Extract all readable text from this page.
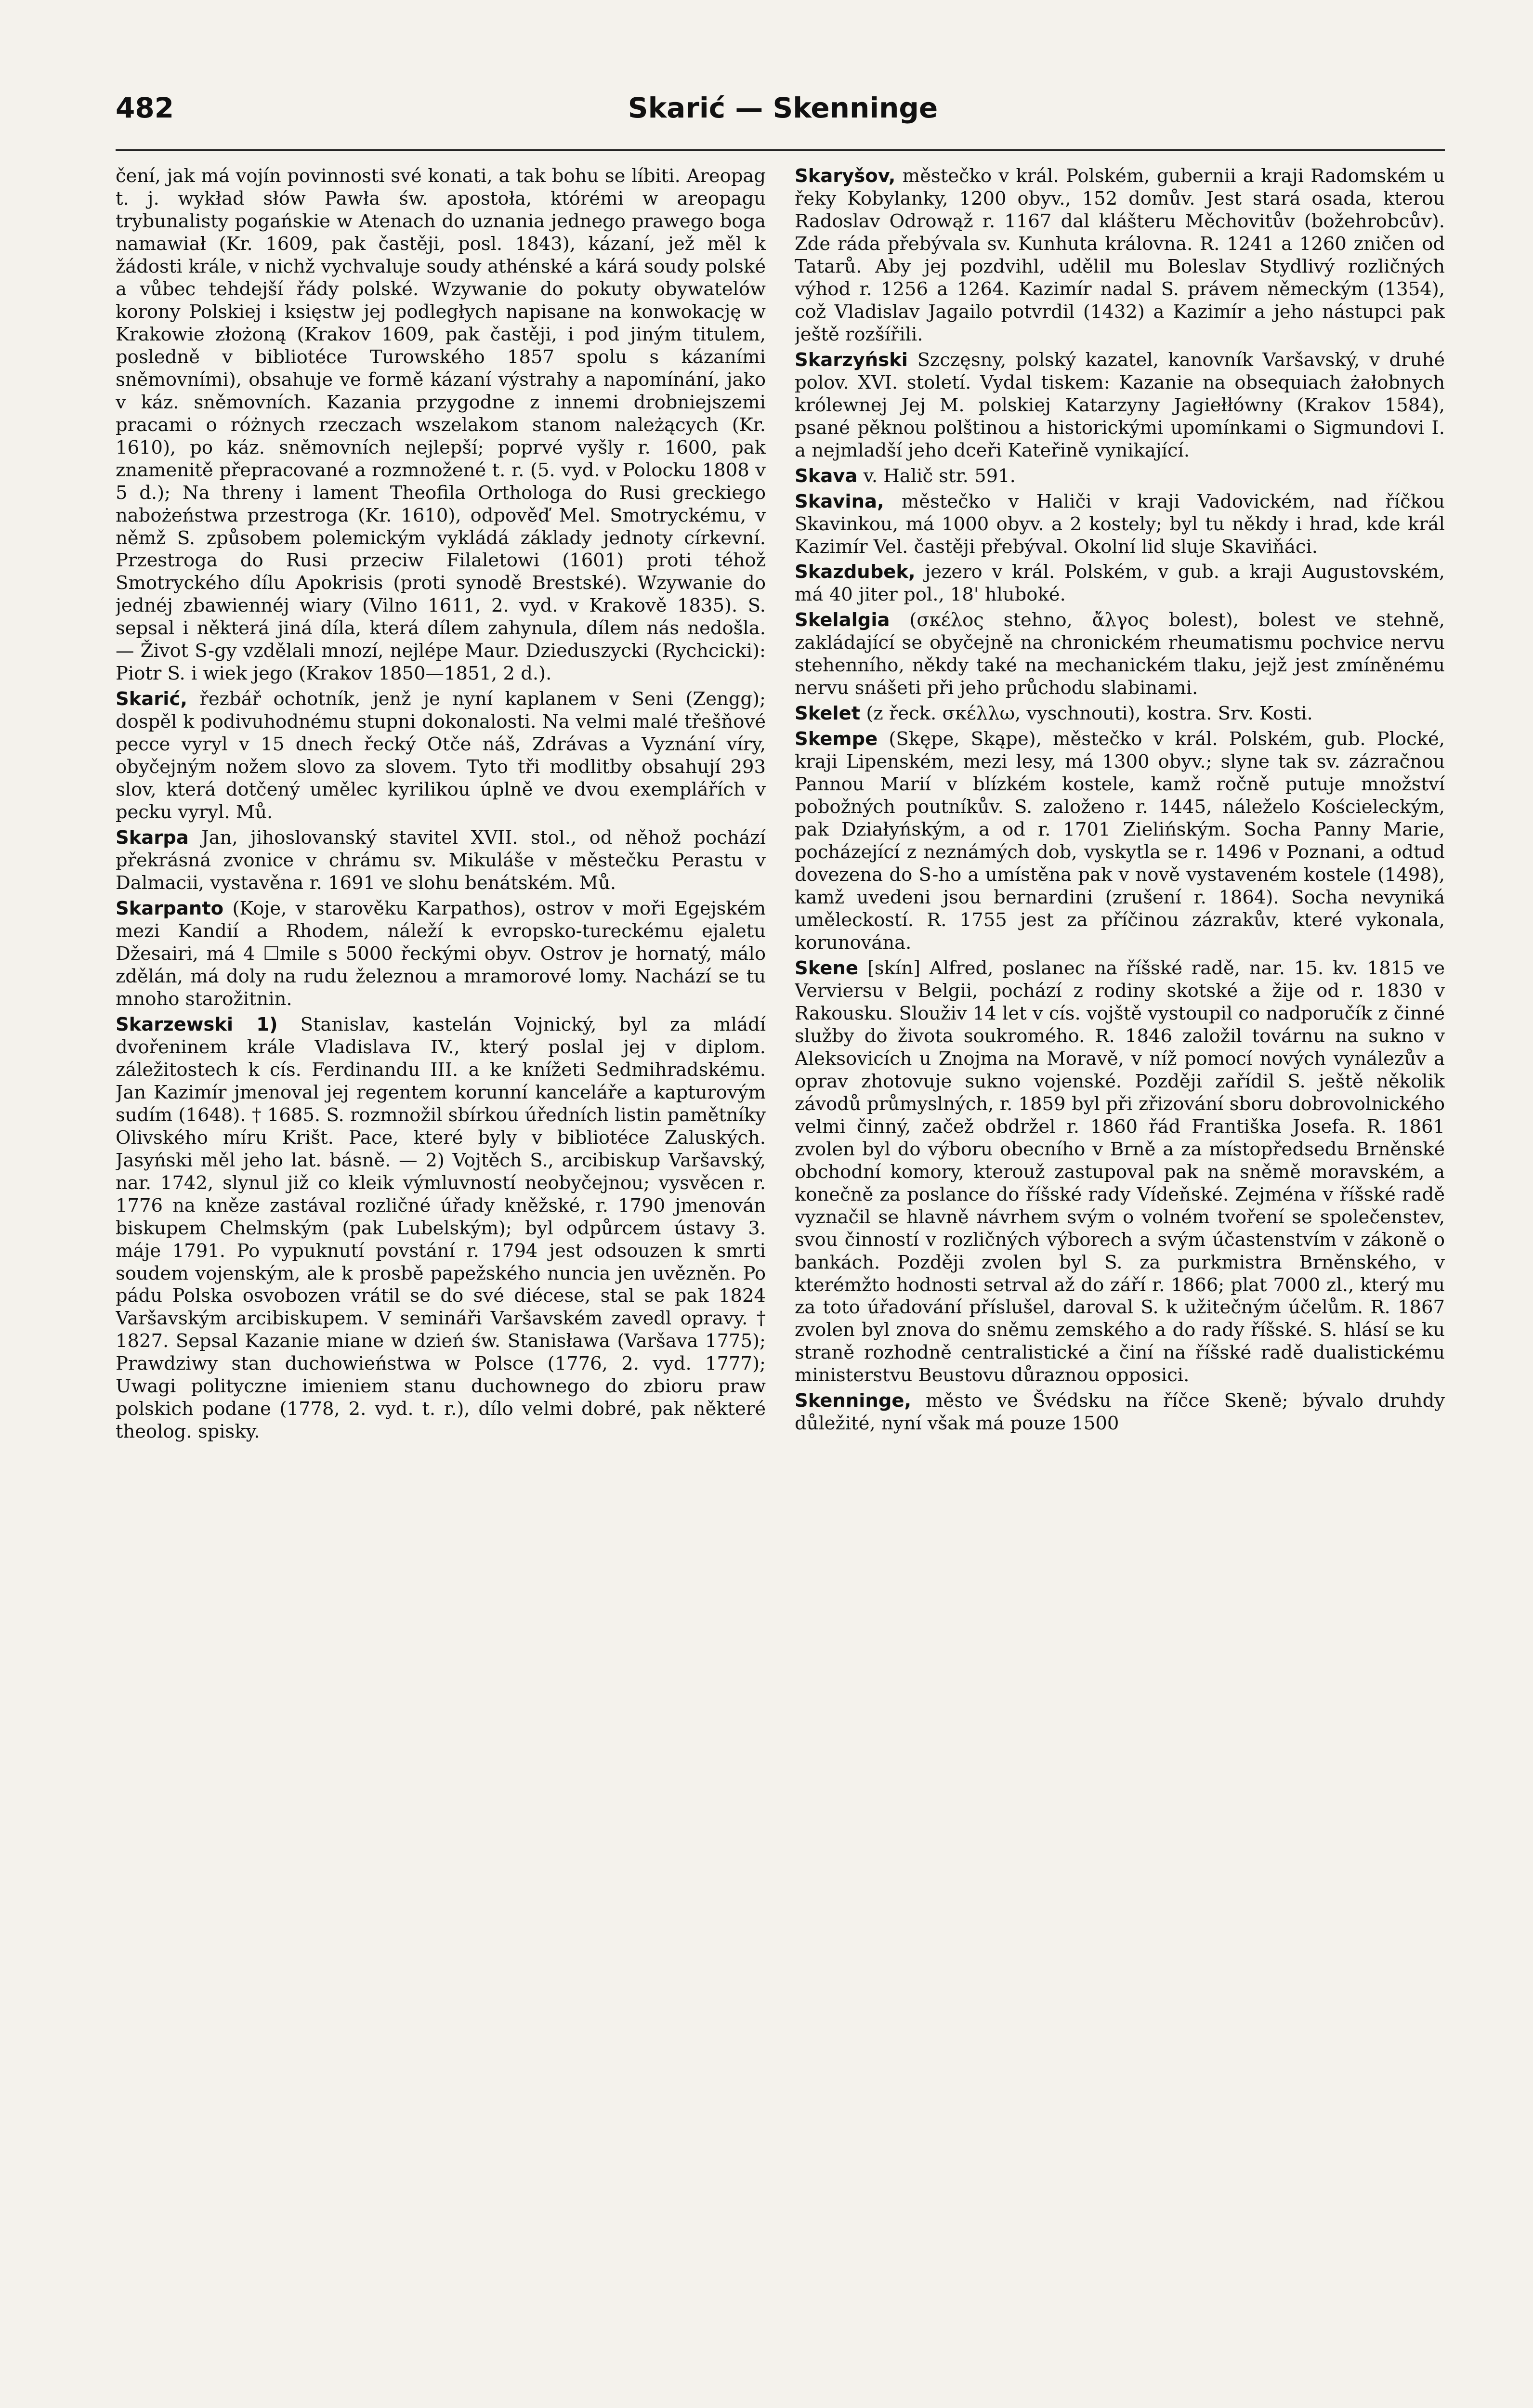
482	Skarić — Skenninge

čení, jak má vojín povinnosti své konati, a tak bohu se líbiti. Areopag t. j. wykład słów Pawła św. apostoła, którémi w areopagu trybunalisty pogańskie w Atenach do uznania jednego prawego boga namawiał (Kr. 1609, pak častěji, posl. 1843), kázaní, jež měl k žádosti krále, v nichž vychvaluje soudy athénské a kárá soudy polské a vůbec tehdejší řády polské. Wzywanie do pokuty obywatelów korony Polskiej i księstw jej podległych napisane na konwokację w Krakowie złożoną (Krakov 1609, pak častěji, i pod jiným titulem, posledně v bibliotéce Turowského 1857 spolu s kázaními sněmovními), obsahuje ve formě kázaní výstrahy a napomínání, jako v káz. sněmovních. Kazania przygodne z innemi drobniejszemi pracami o różnych rzeczach wszelakom stanom należących (Kr. 1610), po káz. sněmovních nejlepší; poprvé vyšly r. 1600, pak znamenitě přepracované a rozmnožené t. r. (5. vyd. v Polocku 1808 v 5 d.); Na threny i lament Theofila Orthologa do Rusi greckiego nabożeństwa przestroga (Kr. 1610), odpověď Mel. Smotryckému, v němž S. způsobem polemickým vykládá základy jednoty církevní. Przestroga do Rusi przeciw Filaletowi (1601) proti téhož Smotryckého dílu Apokrisis (proti synodě Brestské). Wzywanie do jednéj zbawiennéj wiary (Vilno 1611, 2. vyd. v Krakově 1835). S. sepsal i některá jiná díla, která dílem zahynula, dílem nás nedošla. — Život S-gy vzdělali mnozí, nejlépe Maur. Dzieduszycki (Rychcicki): Piotr S. i wiek jego (Krakov 1850—1851, 2 d.).

Skarić, řezbář ochotník, jenž je nyní kaplanem v Seni (Zengg); dospěl k podivuhodnému stupni dokonalosti. Na velmi malé třešňové pecce vyryl v 15 dnech řecký Otče náš, Zdrávas a Vyznání víry, obyčejným nožem slovo za slovem. Tyto tři modlitby obsahují 293 slov, která dotčený umělec kyrilikou úplně ve dvou exemplářích v pecku vyryl. Mů.

Skarpa Jan, jihoslovanský stavitel XVII. stol., od něhož pochází překrásná zvonice v chrámu sv. Mikuláše v městečku Perastu v Dalmacii, vystavěna r. 1691 ve slohu benátském. Mů.

Skarpanto (Koje, v starověku Karpathos), ostrov v moři Egejském mezi Kandií a Rhodem, náleží k evropsko-tureckému ejaletu Džesairi, má 4 ☐mile s 5000 řeckými obyv. Ostrov je hornatý, málo zdělán, má doly na rudu železnou a mramorové lomy. Nachází se tu mnoho starožitnin.

Skarzewski 1) Stanislav, kastelán Vojnický, byl za mládí dvořeninem krále Vladislava IV., který poslal jej v diplom. záležitostech k cís. Ferdinandu III. a ke knížeti Sedmihradskému. Jan Kazimír jmenoval jej regentem korunní kanceláře a kapturovým sudím (1648). † 1685. S. rozmnožil sbírkou úředních listin pamětníky Olivského míru Krišt. Pace, které byly v bibliotéce Zaluských. Jasyński měl jeho lat. básně. — 2) Vojtěch S., arcibiskup Varšavský, nar. 1742, slynul již co kleik výmluvností neobyčejnou; vysvěcen r. 1776 na kněze zastával rozličné úřady kněžské, r. 1790 jmenován biskupem Chelmským (pak Lubelským); byl odpůrcem ústavy 3. máje 1791. Po vypuknutí povstání r. 1794 jest odsouzen k smrti soudem vojenským, ale k prosbě papežského nuncia jen uvězněn. Po pádu Polska osvobozen vrátil se do své diécese, stal se pak 1824 Varšavským arcibiskupem. V semináři Varšavském zavedl opravy. † 1827. Sepsal Kazanie miane w dzień św. Stanisława (Varšava 1775); Prawdziwy stan duchowieństwa w Polsce (1776, 2. vyd. 1777); Uwagi polityczne imieniem stanu duchownego do zbioru praw polskich podane (1778, 2. vyd. t. r.), dílo velmi dobré, pak některé theolog. spisky.

Skaryšov, městečko v král. Polském, gubernii a kraji Radomském u řeky Kobylanky, 1200 obyv., 152 domův. Jest stará osada, kterou Radoslav Odrowąž r. 1167 dal klášteru Měchovitův (božehrobcův). Zde ráda přebývala sv. Kunhuta královna. R. 1241 a 1260 zničen od Tatarů. Aby jej pozdvihl, udělil mu Boleslav Stydlivý rozličných výhod r. 1256 a 1264. Kazimír nadal S. právem německým (1354), což Vladislav Jagailo potvrdil (1432) a Kazimír a jeho nástupci pak ještě rozšířili.

Skarzyński Szczęsny, polský kazatel, kanovník Varšavský, v druhé polov. XVI. století. Vydal tiskem: Kazanie na obsequiach żałobnych królewnej Jej M. polskiej Katarzyny Jagiełłówny (Krakov 1584), psané pěknou polštinou a historickými upomínkami o Sigmundovi I. a nejmladší jeho dceři Kateřině vynikající.

Skava v. Halič str. 591.

Skavina, městečko v Haliči v kraji Vadovickém, nad říčkou Skavinkou, má 1000 obyv. a 2 kostely; byl tu někdy i hrad, kde král Kazimír Vel. častěji přebýval. Okolní lid sluje Skaviňáci.

Skazdubek, jezero v král. Polském, v gub. a kraji Augustovském, má 40 jiter pol., 18' hluboké.

Skelalgia (σκέλος stehno, ἄλγος bolest), bolest ve stehně, zakládající se obyčejně na chronickém rheumatismu pochvice nervu stehenního, někdy také na mechanickém tlaku, jejž jest zmíněnému nervu snášeti při jeho průchodu slabinami.

Skelet (z řeck. σκέλλω, vyschnouti), kostra. Srv. Kosti.

Skempe (Skępe, Skąpe), městečko v král. Polském, gub. Plocké, kraji Lipenském, mezi lesy, má 1300 obyv.; slyne tak sv. zázračnou Pannou Marií v blízkém kostele, kamž ročně putuje množství pobožných poutníkův. S. založeno r. 1445, náleželo Kościeleckým, pak Działyńským, a od r. 1701 Zielińským. Socha Panny Marie, pocházející z neznámých dob, vyskytla se r. 1496 v Poznani, a odtud dovezena do S-ho a umístěna pak v nově vystaveném kostele (1498), kamž uvedeni jsou bernardini (zrušení r. 1864). Socha nevyniká uměleckostí. R. 1755 jest za příčinou zázrakův, které vykonala, korunována.

Skene [skín] Alfred, poslanec na říšské radě, nar. 15. kv. 1815 ve Verviersu v Belgii, pochází z rodiny skotské a žije od r. 1830 v Rakousku. Slouživ 14 let v cís. vojště vystoupil co nadporučík z činné služby do života soukromého. R. 1846 založil továrnu na sukno v Aleksovicích u Znojma na Moravě, v níž pomocí nových vynálezův a oprav zhotovuje sukno vojenské. Později zařídil S. ještě několik závodů průmyslných, r. 1859 byl při zřizování sboru dobrovolnického velmi činný, začež obdržel r. 1860 řád Františka Josefa. R. 1861 zvolen byl do výboru obecního v Brně a za místopředsedu Brněnské obchodní komory, kterouž zastupoval pak na sněmě moravském, a konečně za poslance do říšské rady Vídeňské. Zejména v říšské radě vyznačil se hlavně návrhem svým o volném tvoření se společenstev, svou činností v rozličných výborech a svým účastenstvím v zákoně o bankách. Později zvolen byl S. za purkmistra Brněnského, v kterémžto hodnosti setrval až do září r. 1866; plat 7000 zl., který mu za toto úřadování příslušel, daroval S. k užitečným účelům. R. 1867 zvolen byl znova do sněmu zemského a do rady říšské. S. hlásí se ku straně rozhodně centralistické a činí na říšské radě dualistickému ministerstvu Beustovu důraznou opposici.

Skenninge, město ve Švédsku na říčce Skeně; bývalo druhdy důležité, nyní však má pouze 1500
